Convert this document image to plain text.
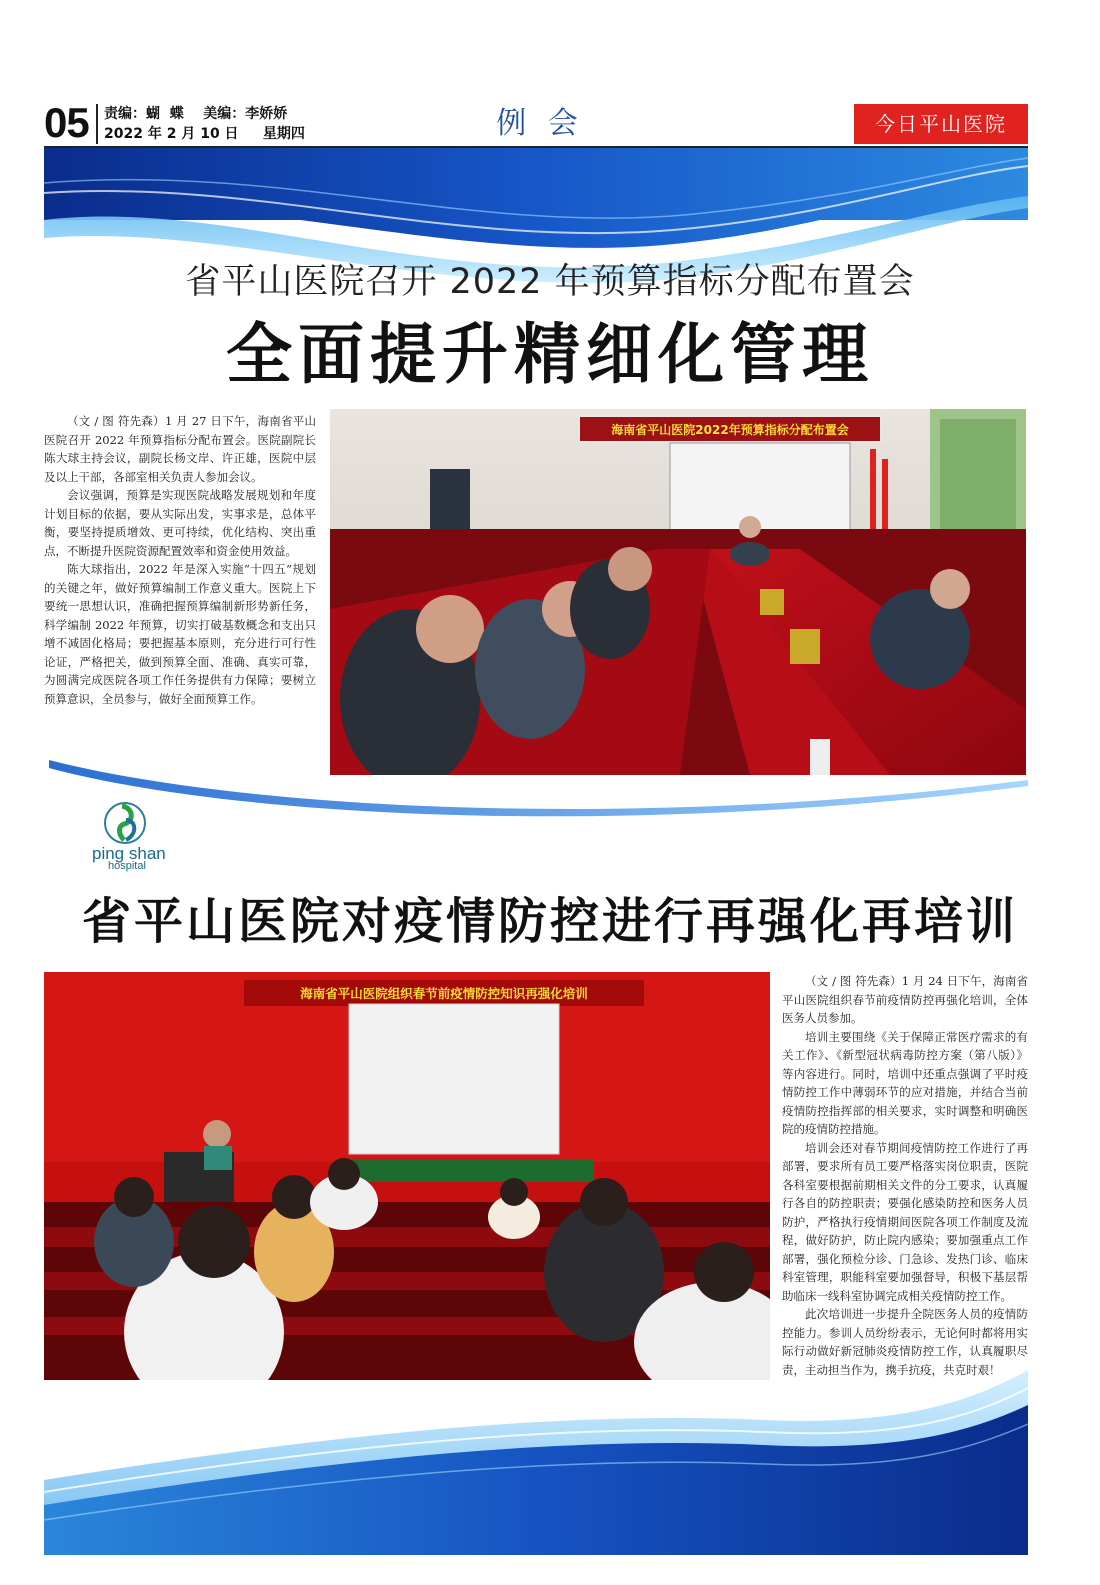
05 责编：蝴  蝶    美编：李娇娇
2022 年 2 月 10 日     星期四	例 会	今日平山医院
省平山医院召开 2022 年预算指标分配布置会
全面提升精细化管理

（文 / 图 符先森）1 月 27 日下午，海南省平山医院召开 2022 年预算指标分配布置会。医院副院长陈大球主持会议，副院长杨文岸、许正雄，医院中层及以上干部，各部室相关负责人参加会议。

会议强调，预算是实现医院战略发展规划和年度计划目标的依据，要从实际出发，实事求是，总体平衡，要坚持提质增效、更可持续，优化结构、突出重点，不断提升医院资源配置效率和资金使用效益。

陈大球指出，2022 年是深入实施“十四五”规划的关键之年，做好预算编制工作意义重大。医院上下要统一思想认识，准确把握预算编制新形势新任务，科学编制 2022 年预算，切实打破基数概念和支出只增不减固化格局；要把握基本原则，充分进行可行性论证，严格把关，做到预算全面、准确、真实可靠，为圆满完成医院各项工作任务提供有力保障；要树立预算意识，全员参与，做好全面预算工作。

海南省平山医院2022年预算指标分配布置会
ping shan
hospital
省平山医院对疫情防控进行再强化再培训
海南省平山医院组织春节前疫情防控知识再强化培训

（文 / 图 符先森）1 月 24 日下午，海南省平山医院组织春节前疫情防控再强化培训，全体医务人员参加。

培训主要围绕《关于保障正常医疗需求的有关工作》、《新型冠状病毒防控方案（第八版）》等内容进行。同时，培训中还重点强调了平时疫情防控工作中薄弱环节的应对措施，并结合当前疫情防控指挥部的相关要求，实时调整和明确医院的疫情防控措施。

培训会还对春节期间疫情防控工作进行了再部署，要求所有员工要严格落实岗位职责，医院各科室要根据前期相关文件的分工要求，认真履行各自的防控职责；要强化感染防控和医务人员防护，严格执行疫情期间医院各项工作制度及流程，做好防护，防止院内感染；要加强重点工作部署，强化预检分诊、门急诊、发热门诊、临床科室管理，职能科室要加强督导，积极下基层帮助临床一线科室协调完成相关疫情防控工作。

此次培训进一步提升全院医务人员的疫情防控能力。参训人员纷纷表示，无论何时都将用实际行动做好新冠肺炎疫情防控工作，认真履职尽责，主动担当作为，携手抗疫，共克时艰！
